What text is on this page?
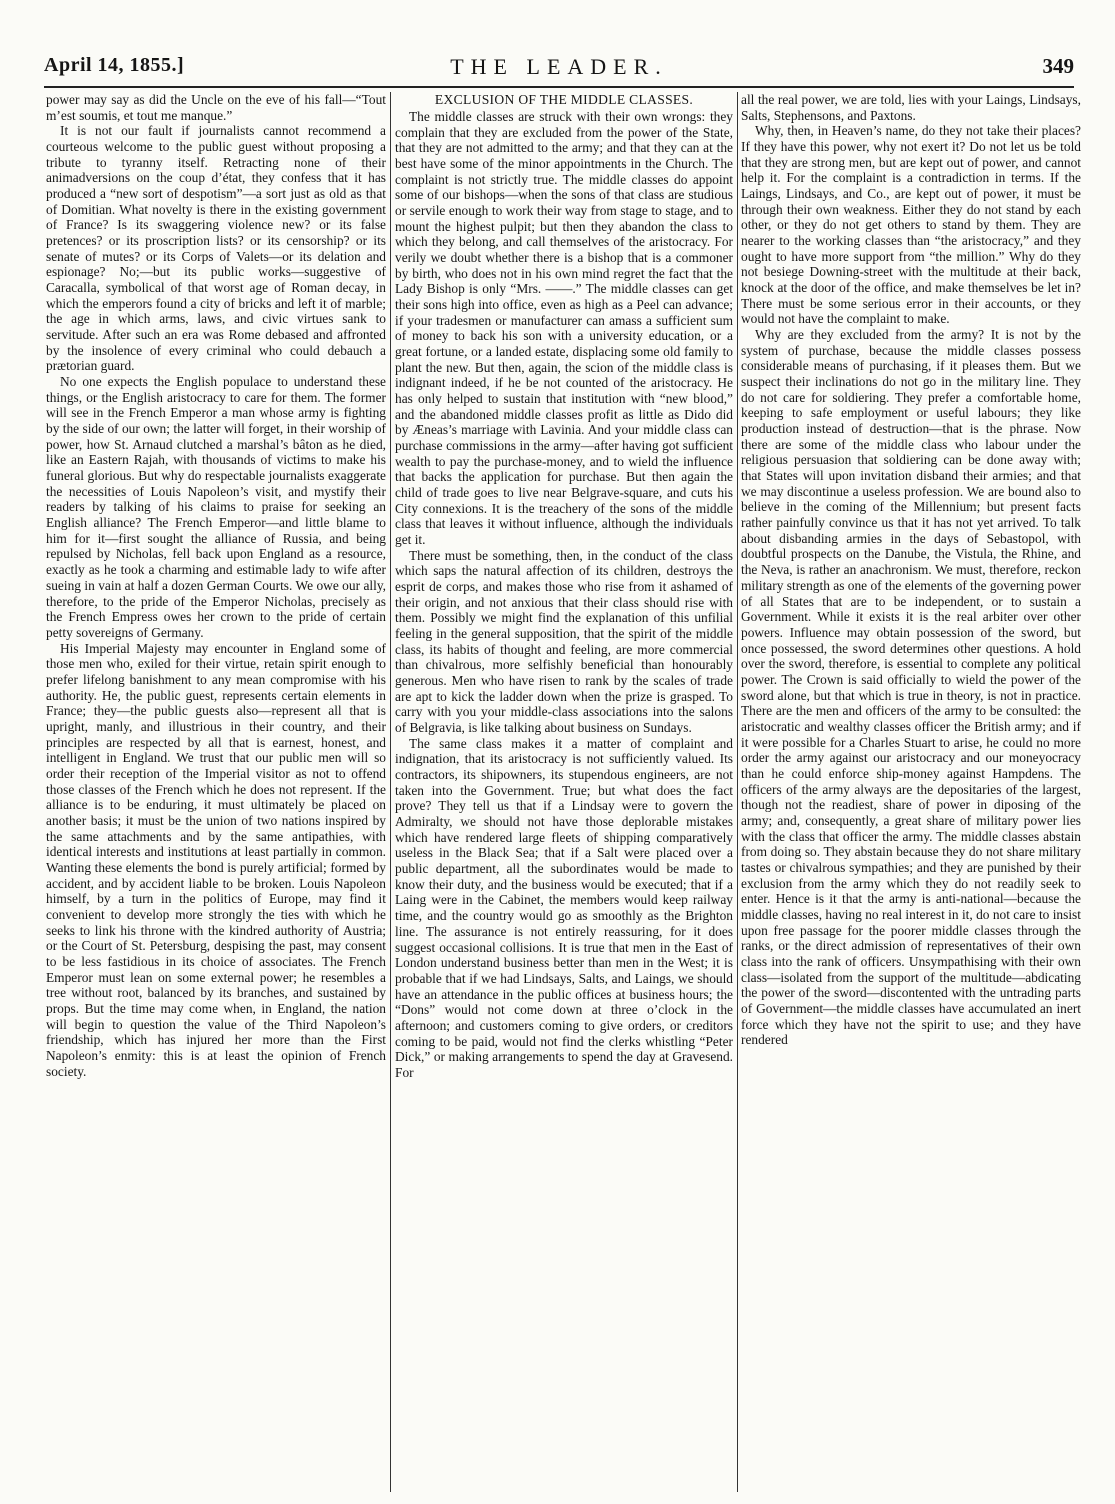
April 14, 1855.]	THE LEADER.	349

power may say as did the Uncle on the eve of his fall—“Tout m’est soumis, et tout me manque.”

It is not our fault if journalists cannot recommend a courteous welcome to the public guest without proposing a tribute to tyranny itself. Retracting none of their animadversions on the coup d’état, they confess that it has produced a “new sort of despotism”—a sort just as old as that of Domitian. What novelty is there in the existing government of France? Is its swaggering violence new? or its false pretences? or its proscription lists? or its censorship? or its senate of mutes? or its Corps of Valets—or its delation and espionage? No;—but its public works—suggestive of Caracalla, symbolical of that worst age of Roman decay, in which the emperors found a city of bricks and left it of marble; the age in which arms, laws, and civic virtues sank to servitude. After such an era was Rome debased and affronted by the insolence of every criminal who could debauch a prætorian guard.

No one expects the English populace to understand these things, or the English aristocracy to care for them. The former will see in the French Emperor a man whose army is fighting by the side of our own; the latter will forget, in their worship of power, how St. Arnaud clutched a marshal’s bâton as he died, like an Eastern Rajah, with thousands of victims to make his funeral glorious. But why do respectable journalists exaggerate the necessities of Louis Napoleon’s visit, and mystify their readers by talking of his claims to praise for seeking an English alliance? The French Emperor—and little blame to him for it—first sought the alliance of Russia, and being repulsed by Nicholas, fell back upon England as a resource, exactly as he took a charming and estimable lady to wife after sueing in vain at half a dozen German Courts. We owe our ally, therefore, to the pride of the Emperor Nicholas, precisely as the French Empress owes her crown to the pride of certain petty sovereigns of Germany.

His Imperial Majesty may encounter in England some of those men who, exiled for their virtue, retain spirit enough to prefer lifelong banishment to any mean compromise with his authority. He, the public guest, represents certain elements in France; they—the public guests also—represent all that is upright, manly, and illustrious in their country, and their principles are respected by all that is earnest, honest, and intelligent in England. We trust that our public men will so order their reception of the Imperial visitor as not to offend those classes of the French which he does not represent. If the alliance is to be enduring, it must ultimately be placed on another basis; it must be the union of two nations inspired by the same attachments and by the same antipathies, with identical interests and institutions at least partially in common. Wanting these elements the bond is purely artificial; formed by accident, and by accident liable to be broken. Louis Napoleon himself, by a turn in the politics of Europe, may find it convenient to develop more strongly the ties with which he seeks to link his throne with the kindred authority of Austria; or the Court of St. Petersburg, despising the past, may consent to be less fastidious in its choice of associates. The French Emperor must lean on some external power; he resembles a tree without root, balanced by its branches, and sustained by props. But the time may come when, in England, the nation will begin to question the value of the Third Napoleon’s friendship, which has injured her more than the First Napoleon’s enmity: this is at least the opinion of French society.

EXCLUSION OF THE MIDDLE CLASSES.

The middle classes are struck with their own wrongs: they complain that they are excluded from the power of the State, that they are not admitted to the army; and that they can at the best have some of the minor appointments in the Church. The complaint is not strictly true. The middle classes do appoint some of our bishops—when the sons of that class are studious or servile enough to work their way from stage to stage, and to mount the highest pulpit; but then they abandon the class to which they belong, and call themselves of the aristocracy. For verily we doubt whether there is a bishop that is a commoner by birth, who does not in his own mind regret the fact that the Lady Bishop is only “Mrs. ——.” The middle classes can get their sons high into office, even as high as a Peel can advance; if your tradesmen or manufacturer can amass a sufficient sum of money to back his son with a university education, or a great fortune, or a landed estate, displacing some old family to plant the new. But then, again, the scion of the middle class is indignant indeed, if he be not counted of the aristocracy. He has only helped to sustain that institution with “new blood,” and the abandoned middle classes profit as little as Dido did by Æneas’s marriage with Lavinia. And your middle class can purchase commissions in the army—after having got sufficient wealth to pay the purchase-money, and to wield the influence that backs the application for purchase. But then again the child of trade goes to live near Belgrave-square, and cuts his City connexions. It is the treachery of the sons of the middle class that leaves it without influence, although the individuals get it.

There must be something, then, in the conduct of the class which saps the natural affection of its children, destroys the esprit de corps, and makes those who rise from it ashamed of their origin, and not anxious that their class should rise with them. Possibly we might find the explanation of this unfilial feeling in the general supposition, that the spirit of the middle class, its habits of thought and feeling, are more commercial than chivalrous, more selfishly beneficial than honourably generous. Men who have risen to rank by the scales of trade are apt to kick the ladder down when the prize is grasped. To carry with you your middle-class associations into the salons of Belgravia, is like talking about business on Sundays.

The same class makes it a matter of complaint and indignation, that its aristocracy is not sufficiently valued. Its contractors, its shipowners, its stupendous engineers, are not taken into the Government. True; but what does the fact prove? They tell us that if a Lindsay were to govern the Admiralty, we should not have those deplorable mistakes which have rendered large fleets of shipping comparatively useless in the Black Sea; that if a Salt were placed over a public department, all the subordinates would be made to know their duty, and the business would be executed; that if a Laing were in the Cabinet, the members would keep railway time, and the country would go as smoothly as the Brighton line. The assurance is not entirely reassuring, for it does suggest occasional collisions. It is true that men in the East of London understand business better than men in the West; it is probable that if we had Lindsays, Salts, and Laings, we should have an attendance in the public offices at business hours; the “Dons” would not come down at three o’clock in the afternoon; and customers coming to give orders, or creditors coming to be paid, would not find the clerks whistling “Peter Dick,” or making arrangements to spend the day at Gravesend. For

all the real power, we are told, lies with your Laings, Lindsays, Salts, Stephensons, and Paxtons.

Why, then, in Heaven’s name, do they not take their places? If they have this power, why not exert it? Do not let us be told that they are strong men, but are kept out of power, and cannot help it. For the complaint is a contradiction in terms. If the Laings, Lindsays, and Co., are kept out of power, it must be through their own weakness. Either they do not stand by each other, or they do not get others to stand by them. They are nearer to the working classes than “the aristocracy,” and they ought to have more support from “the million.” Why do they not besiege Downing-street with the multitude at their back, knock at the door of the office, and make themselves be let in? There must be some serious error in their accounts, or they would not have the complaint to make.

Why are they excluded from the army? It is not by the system of purchase, because the middle classes possess considerable means of purchasing, if it pleases them. But we suspect their inclinations do not go in the military line. They do not care for soldiering. They prefer a comfortable home, keeping to safe employment or useful labours; they like production instead of destruction—that is the phrase. Now there are some of the middle class who labour under the religious persuasion that soldiering can be done away with; that States will upon invitation disband their armies; and that we may discontinue a useless profession. We are bound also to believe in the coming of the Millennium; but present facts rather painfully convince us that it has not yet arrived. To talk about disbanding armies in the days of Sebastopol, with doubtful prospects on the Danube, the Vistula, the Rhine, and the Neva, is rather an anachronism. We must, therefore, reckon military strength as one of the elements of the governing power of all States that are to be independent, or to sustain a Government. While it exists it is the real arbiter over other powers. Influence may obtain possession of the sword, but once possessed, the sword determines other questions. A hold over the sword, therefore, is essential to complete any political power. The Crown is said officially to wield the power of the sword alone, but that which is true in theory, is not in practice. There are the men and officers of the army to be consulted: the aristocratic and wealthy classes officer the British army; and if it were possible for a Charles Stuart to arise, he could no more order the army against our aristocracy and our moneyocracy than he could enforce ship-money against Hampdens. The officers of the army always are the depositaries of the largest, though not the readiest, share of power in diposing of the army; and, consequently, a great share of military power lies with the class that officer the army. The middle classes abstain from doing so. They abstain because they do not share military tastes or chivalrous sympathies; and they are punished by their exclusion from the army which they do not readily seek to enter. Hence is it that the army is anti-national—because the middle classes, having no real interest in it, do not care to insist upon free passage for the poorer middle classes through the ranks, or the direct admission of representatives of their own class into the rank of officers. Unsympathising with their own class—isolated from the support of the multitude—abdicating the power of the sword—discontented with the untrading parts of Government—the middle classes have accumulated an inert force which they have not the spirit to use; and they have rendered
